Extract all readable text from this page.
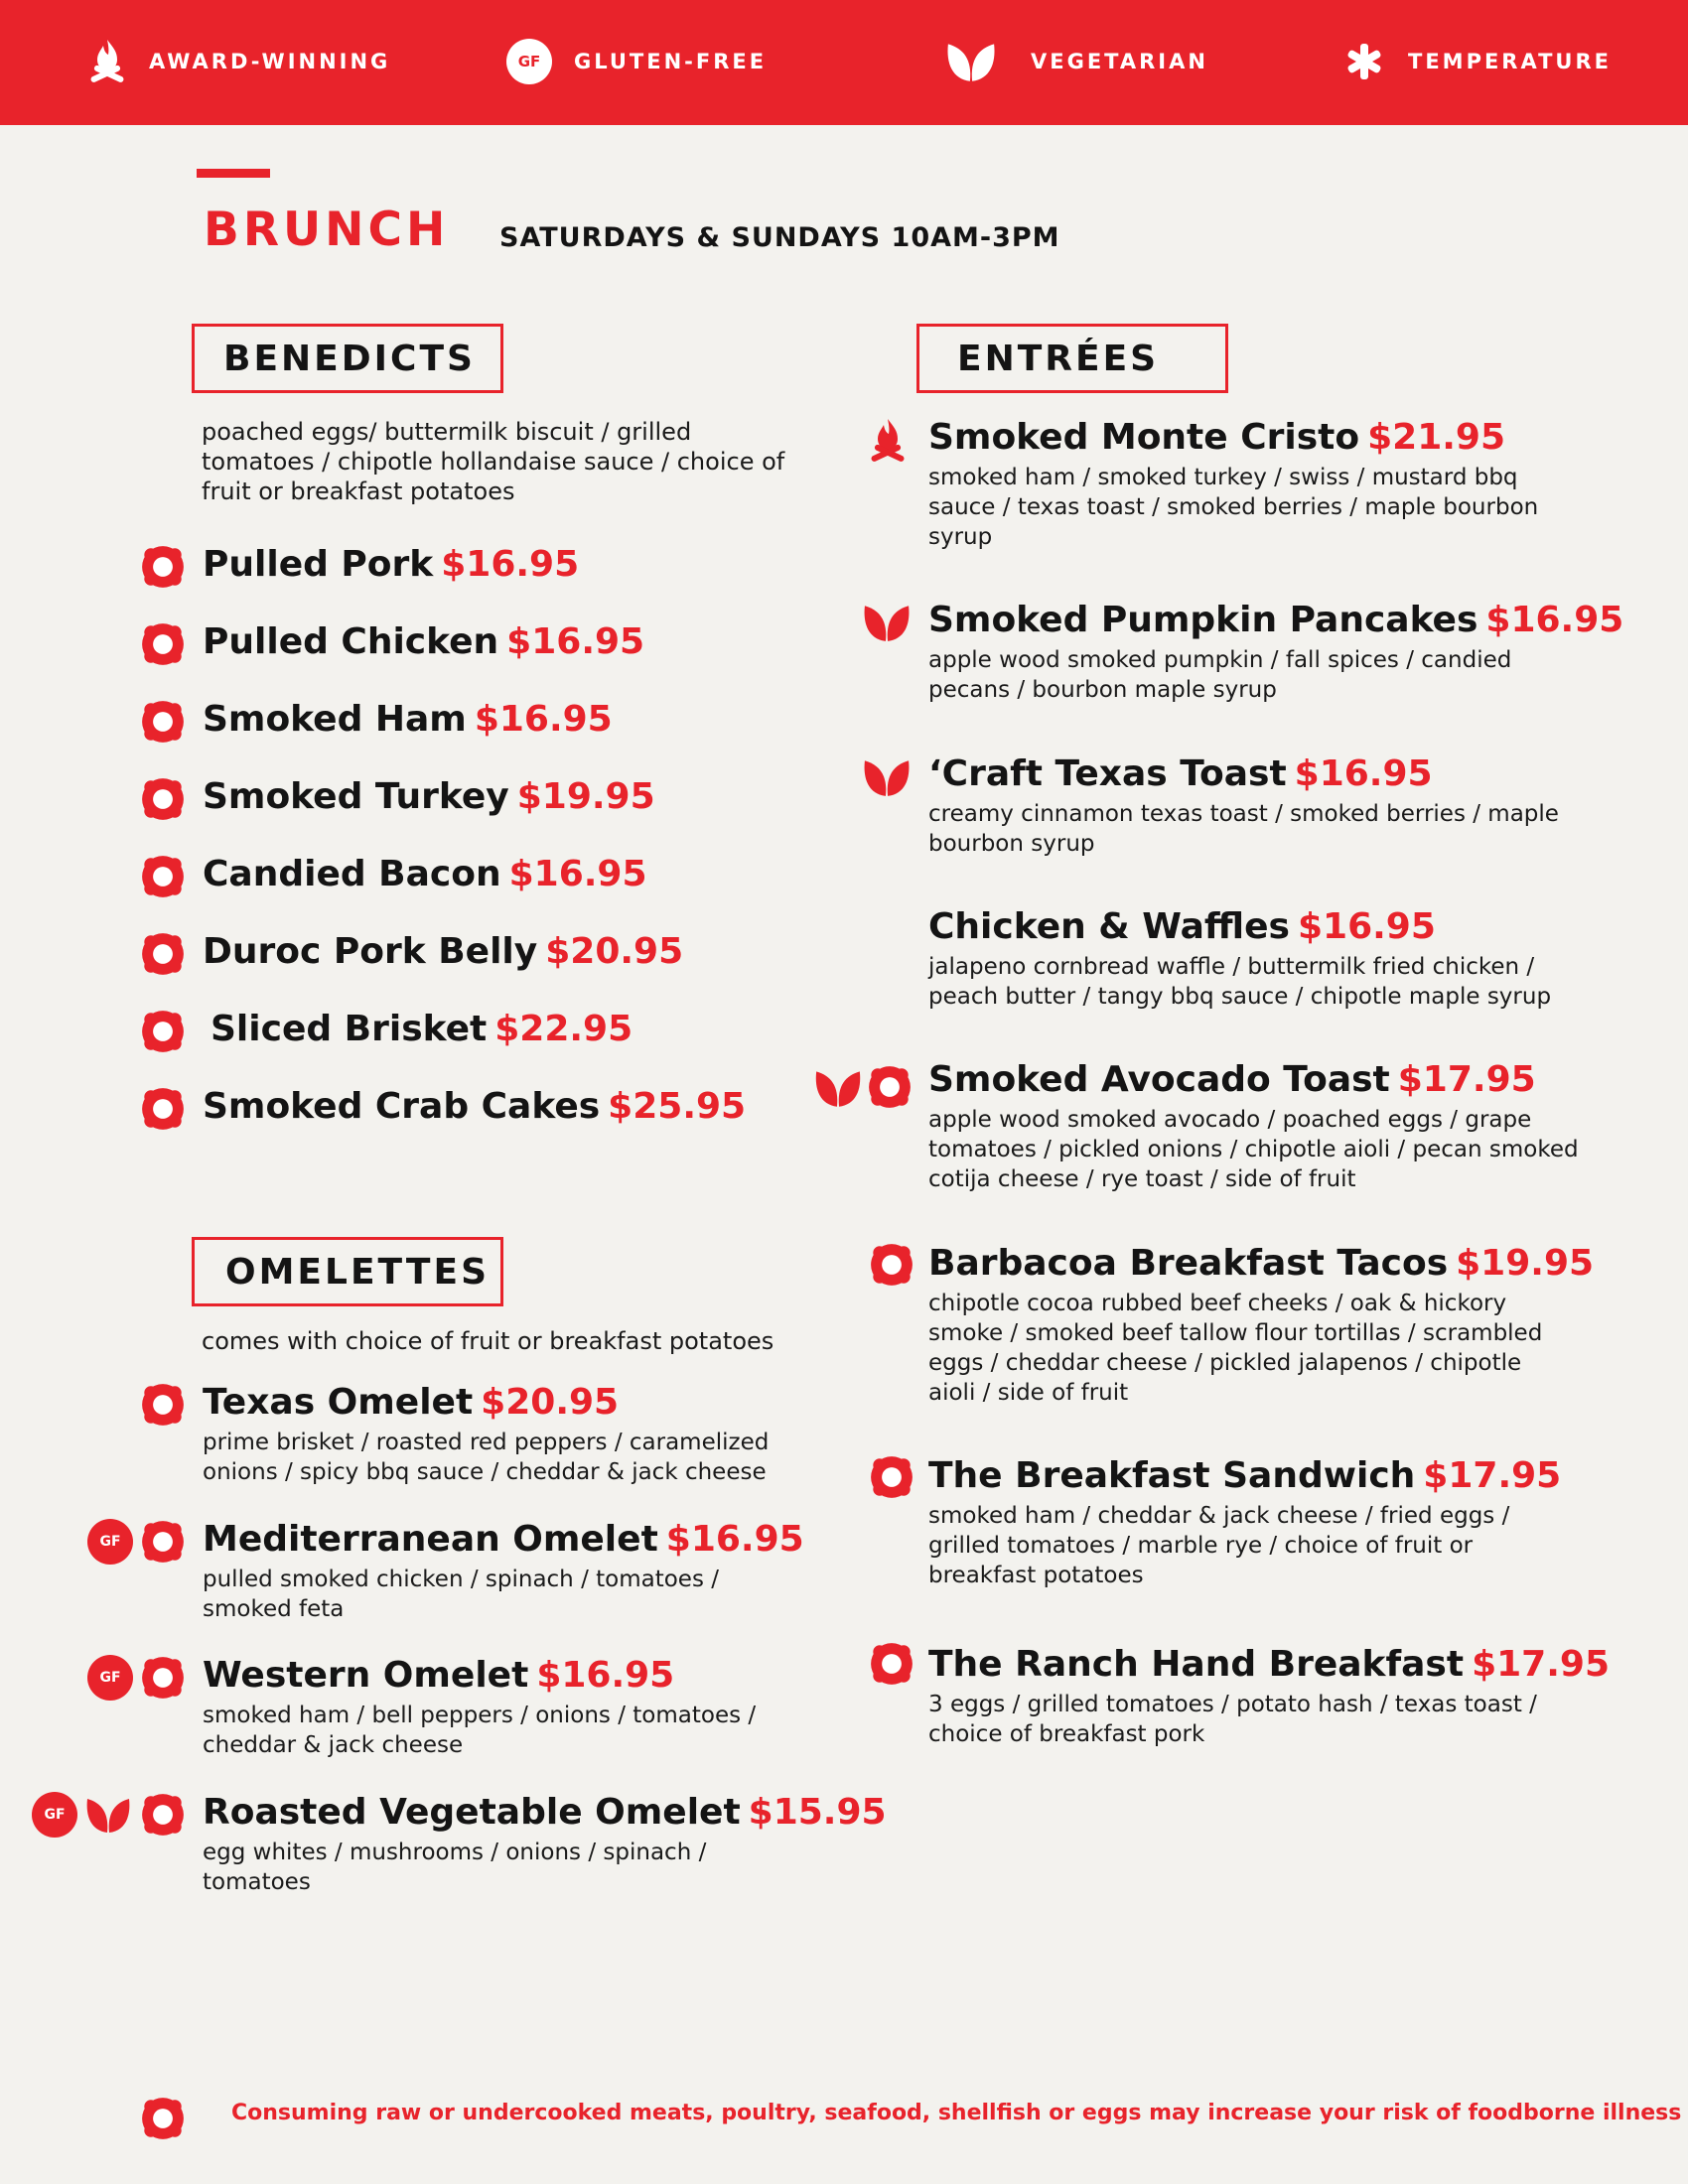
AWARD-WINNING	GF	GLUTEN-FREE	VEGETARIAN	TEMPERATURE
BRUNCH SATURDAYS & SUNDAYS 10AM-3PM
BENEDICTS
poached eggs/ buttermilk biscuit / grilled
tomatoes / chipotle hollandaise sauce / choice of
fruit or breakfast potatoes
Pulled Pork $16.95
Pulled Chicken $16.95
Smoked Ham $16.95
Smoked Turkey $19.95
Candied Bacon $16.95
Duroc Pork Belly $20.95
Sliced Brisket $22.95
Smoked Crab Cakes $25.95
OMELETTES
comes with choice of fruit or breakfast potatoes
Texas Omelet $20.95
prime brisket / roasted red peppers / caramelized
onions / spicy bbq sauce / cheddar & jack cheese
GF	Mediterranean Omelet $16.95
pulled smoked chicken / spinach / tomatoes /
smoked feta
GF	Western Omelet $16.95
smoked ham / bell peppers / onions / tomatoes /
cheddar & jack cheese
GF	Roasted Vegetable Omelet $15.95
egg whites / mushrooms / onions / spinach /
tomatoes
ENTRÉES
Smoked Monte Cristo $21.95
smoked ham / smoked turkey / swiss / mustard bbq
sauce / texas toast / smoked berries / maple bourbon
syrup
Smoked Pumpkin Pancakes $16.95
apple wood smoked pumpkin / fall spices / candied
pecans / bourbon maple syrup
‘Craft Texas Toast $16.95
creamy cinnamon texas toast / smoked berries / maple
bourbon syrup
Chicken & Waffles $16.95
jalapeno cornbread waffle / buttermilk fried chicken /
peach butter / tangy bbq sauce / chipotle maple syrup
Smoked Avocado Toast $17.95
apple wood smoked avocado / poached eggs / grape
tomatoes / pickled onions / chipotle aioli / pecan smoked
cotija cheese / rye toast / side of fruit
Barbacoa Breakfast Tacos $19.95
chipotle cocoa rubbed beef cheeks / oak & hickory
smoke / smoked beef tallow flour tortillas / scrambled
eggs / cheddar cheese / pickled jalapenos / chipotle
aioli / side of fruit
The Breakfast Sandwich $17.95
smoked ham / cheddar & jack cheese / fried eggs /
grilled tomatoes / marble rye / choice of fruit or
breakfast potatoes
The Ranch Hand Breakfast $17.95
3 eggs / grilled tomatoes / potato hash / texas toast /
choice of breakfast pork
Consuming raw or undercooked meats, poultry, seafood, shellfish or eggs may increase your risk of foodborne illness
